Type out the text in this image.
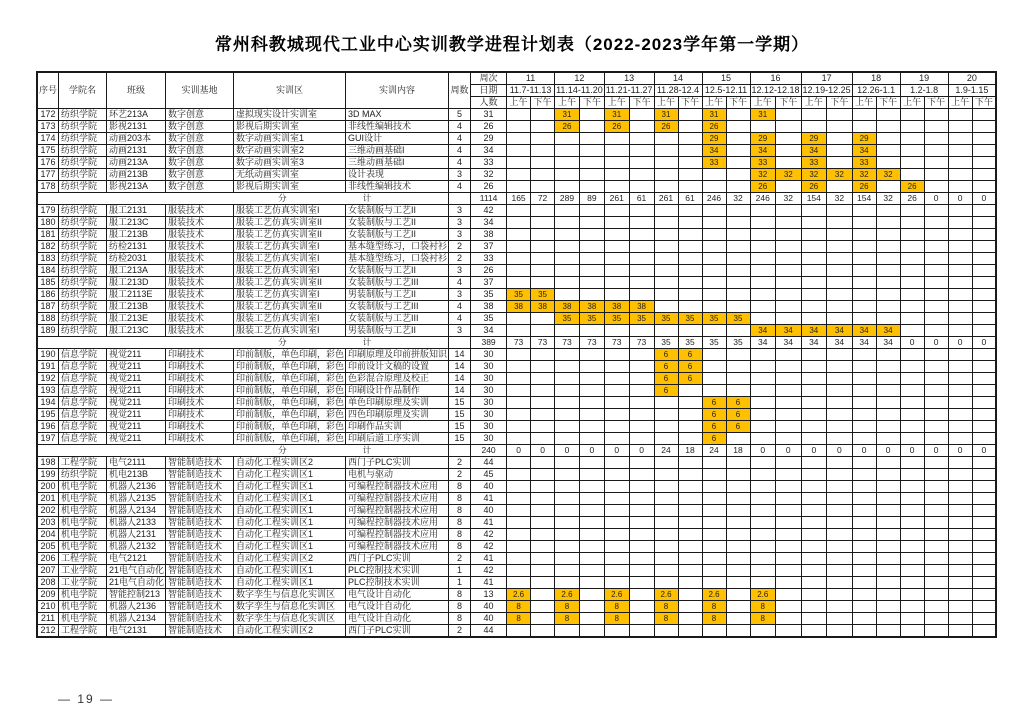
常州科教城现代工业中心实训教学进程计划表（2022-2023学年第一学期）
序号	学院名	班级	实训基地	实训区	实训内容	周数	周次	11		12		13		14		15		16		17		18		19		20	
							日期	11.7-11.13		11.14-11.20		11.21-11.27		11.28-12.4		12.5-12.11		12.12-12.18		12.19-12.25		12.26-1.1		1.2-1.8		1.9-1.15	
							人数	上午	下午	上午	下午	上午	下午	上午	下午	上午	下午	上午	下午	上午	下午	上午	下午	上午	下午	上午	下午
172	纺织学院	环艺213A	数字创意	虚拟现实设计实训室	3D MAX	5	31			31		31		31		31		31									
173	纺织学院	影视2131	数字创意	影视后期实训室	非线性编辑技术	4	26			26		26		26		26											
174	纺织学院	动画203本	数字创意	数字动画实训室1	GUI设计	4	29									29		29		29		29					
175	纺织学院	动画2131	数字创意	数字动画实训室2	三维动画基础I	4	34									34		34		34		34					
176	纺织学院	动画213A	数字创意	数字动画实训室3	三维动画基础I	4	33									33		33		33		33					
177	纺织学院	动画213B	数字创意	无纸动画实训室	设计表现	3	32											32	32	32	32	32	32				
178	纺织学院	影视213A	数字创意	影视后期实训室	非线性编辑技术	4	26											26		26		26		26			

分 计							1114	165	72	289	89	261	61	261	61	246	32	246	32	154	32	154	32	26	0	0	0
179	纺织学院	服工2131	服装技术	服装工艺仿真实训室I	女装制版与工艺II	3	42																				
180	纺织学院	服工213C	服装技术	服装工艺仿真实训室II	女装制版与工艺II	3	34																				
181	纺织学院	服工213B	服装技术	服装工艺仿真实训室II	女装制版与工艺II	3	38																				
182	纺织学院	纺检2131	服装技术	服装工艺仿真实训室I	基本缝型练习，口袋衬衫	2	37																				
183	纺织学院	纺检2031	服装技术	服装工艺仿真实训室I	基本缝型练习，口袋衬衫	2	33																				
184	纺织学院	服工213A	服装技术	服装工艺仿真实训室I	女装制版与工艺II	3	26																				
185	纺织学院	服工213D	服装技术	服装工艺仿真实训室II	女装制版与工艺III	4	37																				
186	纺织学院	服工2113E	服装技术	服装工艺仿真实训室I	男装制版与工艺II	3	35	35	35																		
187	纺织学院	服工213B	服装技术	服装工艺仿真实训室II	女装制版与工艺III	4	38	38	38	38	38	38	38														
188	纺织学院	服工213E	服装技术	服装工艺仿真实训室I	女装制版与工艺III	4	35			35	35	35	35	35	35	35	35										
189	纺织学院	服工213C	服装技术	服装工艺仿真实训室I	男装制版与工艺II	3	34											34	34	34	34	34	34				

分 计							389	73	73	73	73	73	73	35	35	35	35	34	34	34	34	34	34	0	0	0	0
190	信息学院	视觉211	印刷技术	印前制版，单色印刷，彩色	印刷原理及印前拼版知识	14	30							6	6												
191	信息学院	视觉211	印刷技术	印前制版，单色印刷，彩色	印前设计文稿的设置	14	30							6	6												
192	信息学院	视觉211	印刷技术	印前制版，单色印刷，彩色	色彩混合原理及校正	14	30							6	6												
193	信息学院	视觉211	印刷技术	印前制版，单色印刷，彩色	印刷设计作品制作	14	30							6													
194	信息学院	视觉211	印刷技术	印前制版，单色印刷，彩色	单色印刷原理及实训	15	30									6	6										
195	信息学院	视觉211	印刷技术	印前制版，单色印刷，彩色	四色印刷原理及实训	15	30									6	6										
196	信息学院	视觉211	印刷技术	印前制版，单色印刷，彩色	印刷作品实训	15	30									6	6										
197	信息学院	视觉211	印刷技术	印前制版，单色印刷，彩色	印刷后道工序实训	15	30									6											

分 计							240	0	0	0	0	0	0	24	18	24	18	0	0	0	0	0	0	0	0	0	0
198	工程学院	电气2111	智能制造技术	自动化工程实训区2	西门子PLC实训	2	44																				
199	纺织学院	机电213B	智能制造技术	自动化工程实训区1	电机与驱动	2	45																				
200	机电学院	机器人2136	智能制造技术	自动化工程实训区1	可编程控制器技术应用	8	40																				
201	机电学院	机器人2135	智能制造技术	自动化工程实训区1	可编程控制器技术应用	8	41																				
202	机电学院	机器人2134	智能制造技术	自动化工程实训区1	可编程控制器技术应用	8	40																				
203	机电学院	机器人2133	智能制造技术	自动化工程实训区1	可编程控制器技术应用	8	41																				
204	机电学院	机器人2131	智能制造技术	自动化工程实训区1	可编程控制器技术应用	8	42																				
205	机电学院	机器人2132	智能制造技术	自动化工程实训区1	可编程控制器技术应用	8	42																				
206	工程学院	电气2121	智能制造技术	自动化工程实训区2	西门子PLC实训	2	41																				
207	工业学院	21电气自动化	智能制造技术	自动化工程实训区1	PLC控制技术实训	1	42																				
208	工业学院	21电气自动化	智能制造技术	自动化工程实训区1	PLC控制技术实训	1	41																				
209	机电学院	智能控制213	智能制造技术	数字孪生与信息化实训区	电气设计自动化	8	13	2.6		2.6		2.6		2.6		2.6		2.6									
210	机电学院	机器人2136	智能制造技术	数字孪生与信息化实训区	电气设计自动化	8	40	8		8		8		8		8		8									
211	机电学院	机器人2134	智能制造技术	数字孪生与信息化实训区	电气设计自动化	8	40	8		8		8		8		8		8									
212	工程学院	电气2131	智能制造技术	自动化工程实训区2	西门子PLC实训	2	44																				
— 19 —
